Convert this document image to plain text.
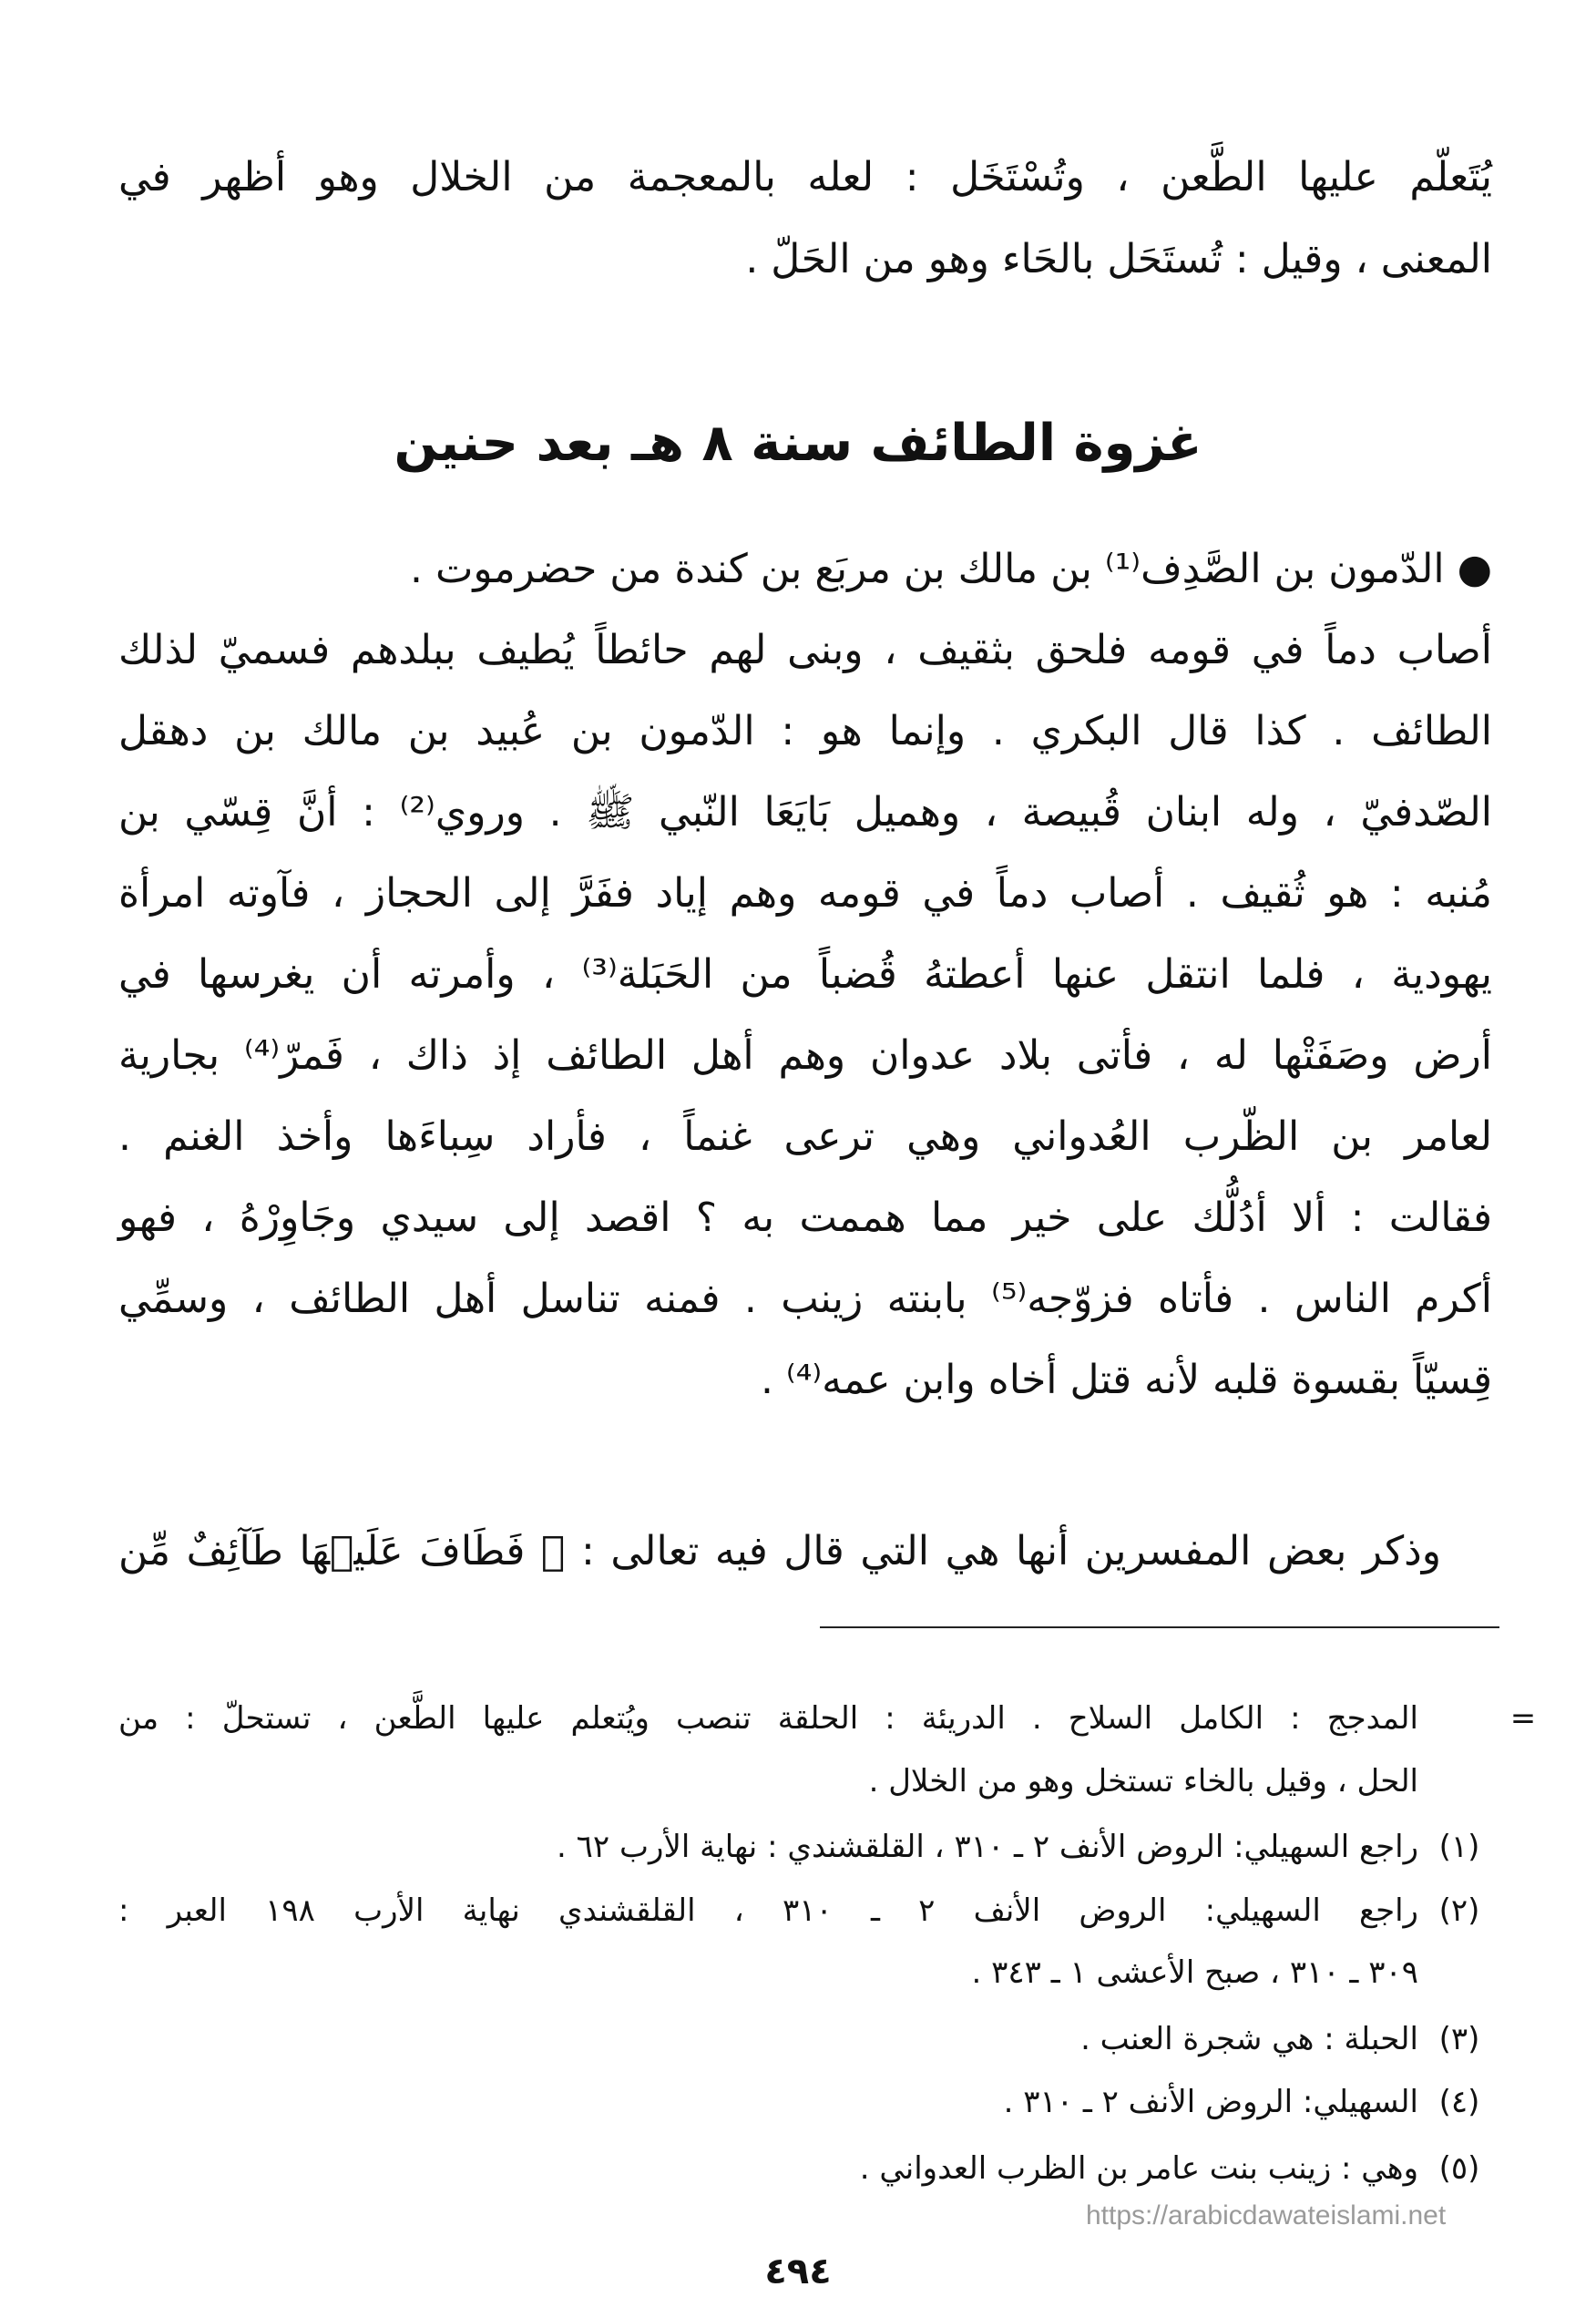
يُتَعلّم عليها الطَّعن ، وتُسْتَخَل : لعله بالمعجمة من الخلال وهو أظهر في
المعنى ، وقيل : تُستَحَل بالحَاء وهو من الحَلّ .
غزوة الطائف سنة ٨ هـ بعد حنين
● الدّمون بن الصَّدِف⁽¹⁾ بن مالك بن مربَع بن كندة من حضرموت .
أصاب دماً في قومه فلحق بثقيف ، وبنى لهم حائطاً يُطيف ببلدهم فسميّ لذلك
الطائف . كذا قال البكري . وإنما هو : الدّمون بن عُبيد بن مالك بن دهقل
الصّدفيّ ، وله ابنان قُبيصة ، وهميل بَايَعَا النّبي ﷺ . وروي⁽²⁾ : أنَّ قِسّي بن
مُنبه : هو ثُقيف . أصاب دماً في قومه وهم إياد ففَرَّ إلى الحجاز ، فآوته امرأة
يهودية ، فلما انتقل عنها أعطتهُ قُضباً من الحَبَلة⁽³⁾ ، وأمرته أن يغرسها في
أرض وصَفَتْها له ، فأتى بلاد عدوان وهم أهل الطائف إذ ذاك ، فَمرّ⁽⁴⁾ بجارية
لعامر بن الظّرب العُدواني وهي ترعى غنماً ، فأراد سِباءَها وأخذ الغنم .
فقالت : ألا أدُلُّك على خير مما هممت به ؟ اقصد إلى سيدي وجَاوِرْهُ ، فهو
أكرم الناس . فأتاه فزوّجه⁽⁵⁾ بابنته زينب . فمنه تناسل أهل الطائف ، وسمِّي
قِسيّاً بقسوة قلبه لأنه قتل أخاه وابن عمه⁽⁴⁾ .
وذكر بعض المفسرين أنها هي التي قال فيه تعالى : ﴿ فَطَافَ عَلَيۡهَا طَآئِفٌ مِّن
=
المدجج : الكامل السلاح . الدريئة : الحلقة تنصب ويُتعلم عليها الطَّعن ، تستحلّ : من
الحل ، وقيل بالخاء تستخل وهو من الخلال .
(١)
راجع السهيلي: الروض الأنف ٢ ـ ٣١٠ ، القلقشندي : نهاية الأرب ٦٢ .
(٢)
راجع السهيلي: الروض الأنف ٢ ـ ٣١٠ ، القلقشندي نهاية الأرب ١٩٨ العبر :
٣٠٩ ـ ٣١٠ ، صبح الأعشى ١ ـ ٣٤٣ .
(٣)
الحبلة : هي شجرة العنب .
(٤)
السهيلي: الروض الأنف ٢ ـ ٣١٠ .
(٥)
وهي : زينب بنت عامر بن الظرب العدواني .
https://arabicdawateislami.net
٤٩٤
